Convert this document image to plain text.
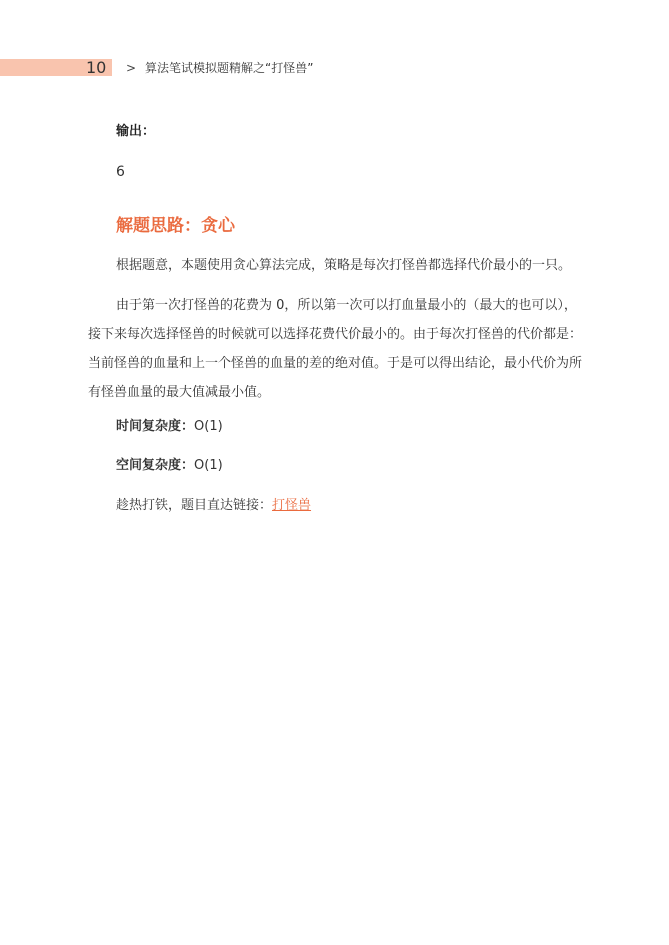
10 > 算法笔试模拟题精解之“打怪兽”
输出：
6
解题思路：贪心
根据题意，本题使用贪心算法完成，策略是每次打怪兽都选择代价最小的一只。
由于第一次打怪兽的花费为 0，所以第一次可以打血量最小的（最大的也可以），接下来每次选择怪兽的时候就可以选择花费代价最小的。由于每次打怪兽的代价都是：当前怪兽的血量和上一个怪兽的血量的差的绝对值。于是可以得出结论，最小代价为所有怪兽血量的最大值减最小值。
时间复杂度：O(1)
空间复杂度：O(1)
趁热打铁，题目直达链接：打怪兽
